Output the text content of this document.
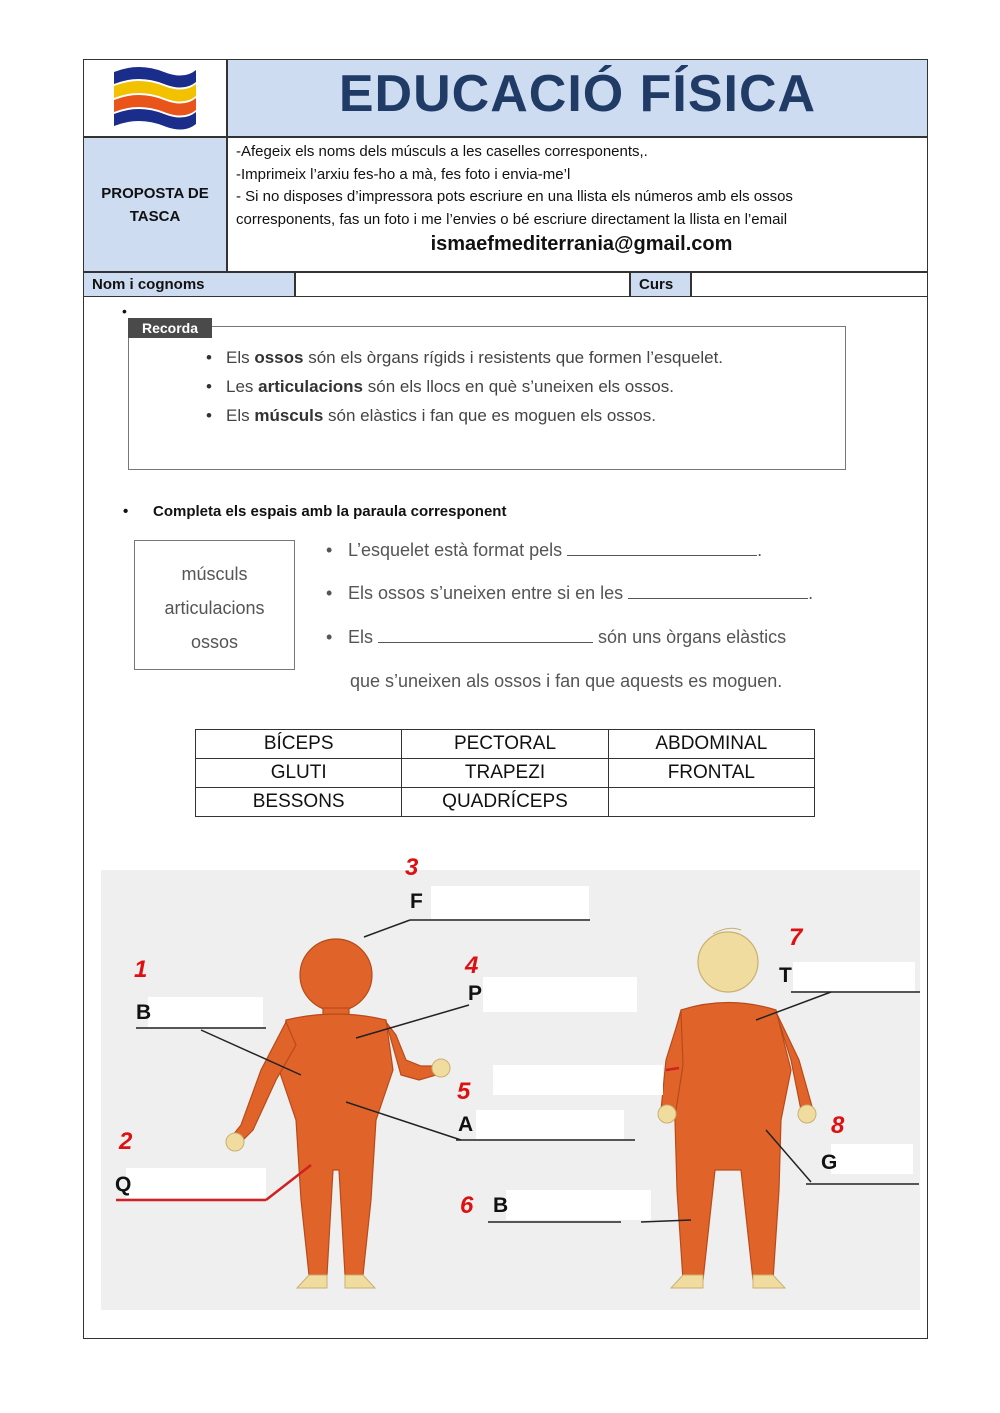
EDUCACIÓ FÍSICA
PROPOSTA DE TASCA
-Afegeix els noms dels músculs a les caselles corresponents,.
-Imprimeix l’arxiu fes-ho a mà, fes foto i envia-me’l
- Si no disposes d’impressora pots escriure en una llista els números amb els ossos
corresponents, fas un foto i me l’envies o bé escriure directament la llista en l’email
ismaefmediterrania@gmail.com
Nom i cognoms	Curs
•
Recorda
• Els ossos són els òrgans rígids i resistents que formen l’esquelet.
• Les articulacions són els llocs en què s’uneixen els ossos.
• Els músculs són elàstics i fan que es moguen els ossos.
• Completa els espais amb la paraula corresponent
músculs
articulacions
ossos
• L’esquelet està format pels	.
• Els ossos s’uneixen entre si en les	.
• Els	són uns òrgans elàstics
que s’uneixen als ossos i fan que aquests es moguen.
BÍCEPS	PECTORAL	ABDOMINAL
GLUTI	TRAPEZI	FRONTAL
BESSONS	QUADRÍCEPS	
3
1	4
5
2
6
7
8
F
B
P
A
Q
B
T
G
